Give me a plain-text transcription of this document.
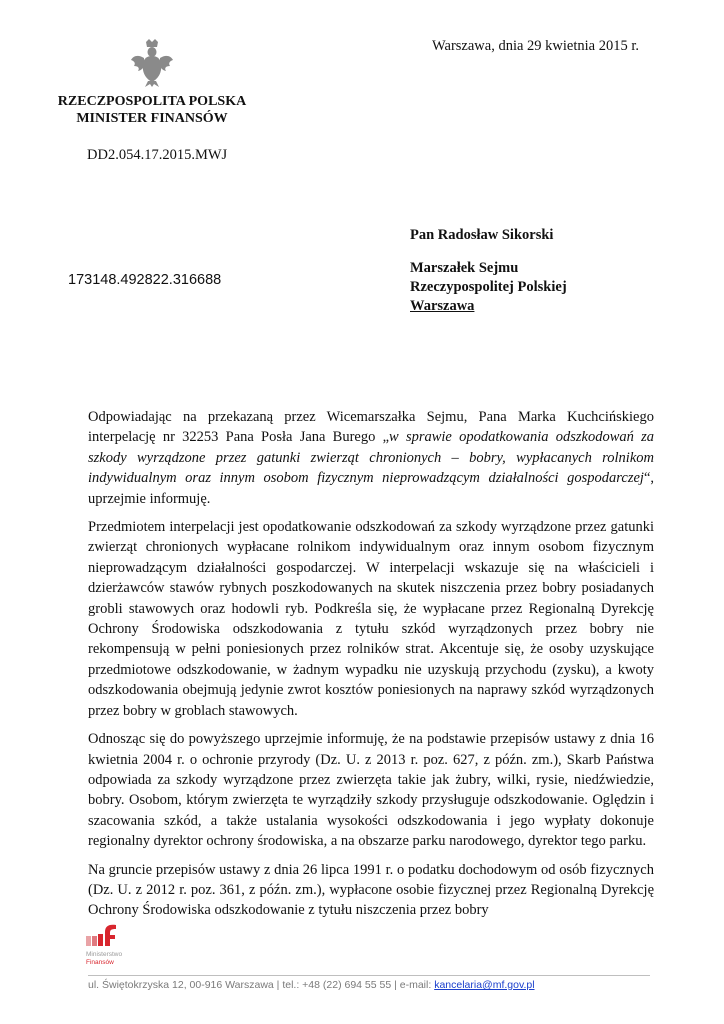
Warszawa, dnia 29 kwietnia 2015 r.
RZECZPOSPOLITA POLSKA
MINISTER FINANSÓW
DD2.054.17.2015.MWJ
173148.492822.316688
Pan Radosław Sikorski
Marszałek Sejmu
Rzeczypospolitej Polskiej
Warszawa

Odpowiadając na przekazaną przez Wicemarszałka Sejmu, Pana Marka Kuchcińskiego interpelację nr 32253 Pana Posła Jana Burego „w sprawie opodatkowania odszkodowań za szkody wyrządzone przez gatunki zwierząt chronionych – bobry, wypłacanych rolnikom indywidualnym oraz innym osobom fizycznym nieprowadzącym działalności gospodarczej“, uprzejmie informuję.

Przedmiotem interpelacji jest opodatkowanie odszkodowań za szkody wyrządzone przez gatunki zwierząt chronionych wypłacane rolnikom indywidualnym oraz innym osobom fizycznym nieprowadzącym działalności gospodarczej. W interpelacji wskazuje się na właścicieli i dzierżawców stawów rybnych poszkodowanych na skutek niszczenia przez bobry posiadanych grobli stawowych oraz hodowli ryb. Podkreśla się, że wypłacane przez Regionalną Dyrekcję Ochrony Środowiska odszkodowania z tytułu szkód wyrządzonych przez bobry nie rekompensują w pełni poniesionych przez rolników strat. Akcentuje się, że osoby uzyskujące przedmiotowe odszkodowanie, w żadnym wypadku nie uzyskują przychodu (zysku), a kwoty odszkodowania obejmują jedynie zwrot kosztów poniesionych na naprawy szkód wyrządzonych przez bobry w groblach stawowych.

Odnosząc się do powyższego uprzejmie informuję, że na podstawie przepisów ustawy z dnia 16 kwietnia 2004 r. o ochronie przyrody (Dz. U. z 2013 r. poz. 627, z późn. zm.), Skarb Państwa odpowiada za szkody wyrządzone przez zwierzęta takie jak żubry, wilki, rysie, niedźwiedzie, bobry. Osobom, którym zwierzęta te wyrządziły szkody przysługuje odszkodowanie. Oględzin i szacowania szkód, a także ustalania wysokości odszkodowania i jego wypłaty dokonuje regionalny dyrektor ochrony środowiska, a na obszarze parku narodowego, dyrektor tego parku.

Na gruncie przepisów ustawy z dnia 26 lipca 1991 r. o podatku dochodowym od osób fizycznych (Dz. U. z 2012 r. poz. 361, z późn. zm.), wypłacone osobie fizycznej przez Regionalną Dyrekcję Ochrony Środowiska odszkodowanie z tytułu niszczenia przez bobry

Ministerstwo
Finansów
ul. Świętokrzyska 12, 00-916 Warszawa | tel.: +48 (22) 694 55 55 | e-mail: kancelaria@mf.gov.pl
